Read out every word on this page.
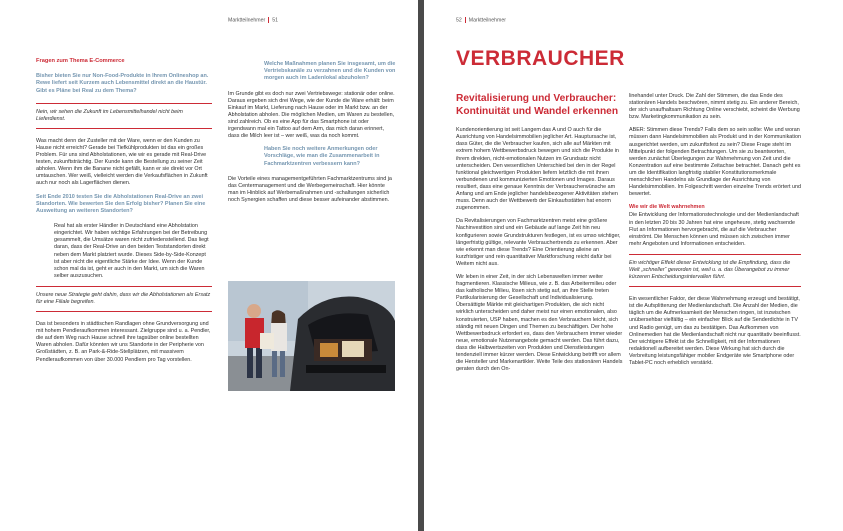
Marktteilnehmer 51
Fragen zum Thema E-Commerce
Bisher bieten Sie nur Non-Food-Produkte in Ihrem Onlineshop an. Rewe liefert seit Kurzem auch Lebensmittel direkt an die Haustür. Gibt es Pläne bei Real zu dem Thema?
Nein, wir sehen die Zukunft im Lebensmittelhandel nicht beim Lieferdienst.

Was macht denn der Zusteller mit der Ware, wenn er den Kunden zu Hause nicht erreicht? Gerade bei Tiefkühlprodukten ist das ein großes Problem. Für uns sind Abholstationen, wie wir es gerade mit Real-Drive testen, zukunftsträchtig. Der Kunde kann die Bestellung zu seiner Zeit abholen. Wenn ihm die Banane nicht gefällt, kann er sie direkt vor Ort umtauschen. Wer weiß, vielleicht werden die Verkaufsflächen in Zukunft auch nur noch als Lagerflächen dienen.

Seit Ende 2010 testen Sie die Abholstationen Real-Drive an zwei Standorten. Wie bewerten Sie den Erfolg bisher? Planen Sie eine Ausweitung an weiteren Standorten?

Real hat als erster Händler in Deutschland eine Abholstation eingerichtet. Wir haben wichtige Erfahrungen bei der Betreibung gesammelt, die Umsätze waren nicht zufriedenstellend. Das liegt daran, dass der Real-Drive an den beiden Teststandorten direkt neben dem Markt platziert wurde. Dieses Side-by-Side-Konzept ist aber nicht die eigentliche Stärke der Idee. Wenn der Kunde schon mal da ist, geht er auch in den Markt, um sich die Waren selber auszusuchen.

Unsere neue Strategie geht dahin, dass wir die Abholstationen als Ersatz für eine Filiale begreifen.

Das ist besonders in städtischen Randlagen ohne Grundversorgung und mit hohem Pendleraufkommen interessant. Zielgruppe sind u. a. Pendler, die auf dem Weg nach Hause schnell ihre tagsüber online bestellten Waren abholen. Dafür könnten wir uns Standorte in der Peripherie von Großstädten, z. B. an Park-&-Ride-Stellplätzen, mit massivem Pendleraufkommen von über 30.000 Pendlern pro Tag vorstellen.

Welche Maßnahmen planen Sie insgesamt, um die Vertriebskanäle zu verzahnen und die Kunden von morgen auch im Ladenlokal abzuholen?

Im Grunde gibt es doch nur zwei Vertriebswege: stationär oder online. Daraus ergeben sich drei Wege, wie der Kunde die Ware erhält: beim Einkauf im Markt, Lieferung nach Hause oder im Markt bzw. an der Abholstation abholen. Die möglichen Medien, um Waren zu bestellen, sind zahlreich. Ob es eine App für das Smartphone ist oder irgendwann mal ein Tattoo auf dem Arm, das mich daran erinnert, dass die Milch leer ist – wer weiß, was da noch kommt.

Haben Sie noch weitere Anmerkungen oder Vorschläge, wie man die Zusammenarbeit in Fachmarktzentren verbessern kann?

Die Vorteile eines managementgeführten Fachmarktzentrums sind ja das Centermanagement und die Werbegemeinschaft. Hier könnte man im Hinblick auf Werbemaßnahmen und -schaltungen sicherlich noch Synergien schaffen und diese besser aufeinander abstimmen.

52 Marktteilnehmer
VERBRAUCHER
Revitalisierung und Verbraucher: Kontinuität und Wandel erkennen

Kundenorientierung ist seit Langem das A und O auch für die Ausrichtung von Handelsimmobilien jeglicher Art. Hauptursache ist, dass Güter, die die Verbraucher kaufen, sich alle auf Märkten mit extrem hohem Wettbewerbsdruck bewegen und sich die Produkte in ihrem direkten, nicht-emotionalen Nutzen im Grundsatz nicht unterscheiden. Den wesentlichen Unterschied bei den in der Regel funktional gleichwertigen Produkten liefern letztlich die mit ihnen verbundenen und kommunizierten Emotionen und Images. Daraus resultiert, dass eine genaue Kenntnis der Verbraucherwünsche am Anfang und am Ende jeglicher handelsbezogener Aktivitäten stehen muss. Denn auch der Wettbewerb der Einkaufsstätten hat enorm zugenommen.

Da Revitalisierungen von Fachmarktzentren meist eine größere Nachinvestition sind und ein Gebäude auf lange Zeit hin neu konfigurieren sowie Grundstrukturen festlegen, ist es umso wichtiger, längerfristig gültige, relevante Verbrauchertrends zu erkennen. Aber wie erkennt man diese Trends? Eine Orientierung alleine an kurzfristiger und rein quantitativer Marktforschung reicht dafür bei Weitem nicht aus.

Wir leben in einer Zeit, in der sich Lebenswelten immer weiter fragmentieren. Klassische Milieus, wie z. B. das Arbeitermilieu oder das katholische Milieu, lösen sich stetig auf, an ihre Stelle treten Partikularisierung der Gesellschaft und Individualisierung. Übersättigte Märkte mit gleichartigen Produkten, die sich nicht wirklich unterscheiden und daher meist nur einen emotionalen, also konstruierten, USP haben, machen es den Verbrauchern leicht, sich ständig mit neuen Dingen und Themen zu beschäftigen. Der hohe Wettbewerbsdruck erfordert es, dass den Verbrauchern immer wieder neue, emotionale Nutzenangebote gemacht werden. Das führt dazu, dass die Halbwertszeiten von Produkten und Dienstleistungen tendenziell immer kürzer werden. Diese Entwicklung betrifft vor allem die Hersteller und Markenartikler. Weite Teile des stationären Handels geraten durch den On-

linehandel unter Druck. Die Zahl der Stimmen, die das Ende des stationären Handels beschwören, nimmt stetig zu. Ein anderer Bereich, der sich unaufhaltsam Richtung Online verschiebt, scheint die Werbung bzw. Marketingkommunikation zu sein.

ABER: Stimmen diese Trends? Falls dem so sein sollte: Wie und woran müssen dann Handelsimmobilien als Produkt und in der Kommunikation ausgerichtet werden, um zukunftsfest zu sein? Diese Frage steht im Mittelpunkt der folgenden Betrachtungen. Um sie zu beantworten, werden zunächst Überlegungen zur Wahrnehmung von Zeit und die Konzentration auf eine bestimmte Zeitachse betrachtet. Danach geht es um die Identifikation langfristig stabiler Konstitutionsmerkmale menschlichen Handelns als Grundlage der Ausrichtung von Handelsimmobilien. Im Folgeschritt werden einzelne Trends erörtert und bewertet.

Wie wir die Welt wahrnehmen

Die Entwicklung der Informationstechnologie und der Medienlandschaft in den letzten 20 bis 30 Jahren hat eine ungeheure, stetig wachsende Flut an Informationen hervorgebracht, die auf die Verbraucher einströmt. Die Menschen können und müssen sich zwischen immer mehr Angeboten und Informationen entscheiden.

Ein wichtiger Effekt dieser Entwicklung ist die Empfindung, dass die Welt „schneller“ geworden ist, weil u. a. das Überangebot zu immer kürzeren Entscheidungsintervallen führt.

Ein wesentlicher Faktor, der diese Wahrnehmung erzeugt und bestätigt, ist die Aufsplitterung der Medienlandschaft. Die Anzahl der Medien, die täglich um die Aufmerksamkeit der Menschen ringen, ist inzwischen unübersehbar vielfältig – ein einfacher Blick auf die Senderdichte in TV und Radio genügt, um das zu bestätigen. Das Aufkommen von Onlinemedien hat die Medienlandschaft nicht nur quantitativ beeinflusst. Der wichtigere Effekt ist die Schnelligkeit, mit der Informationen redaktionell aufbereitet werden. Diese Wirkung hat sich durch die Verbreitung leistungsfähiger mobiler Endgeräte wie Smartphone oder Tablet-PC noch erheblich verstärkt.
